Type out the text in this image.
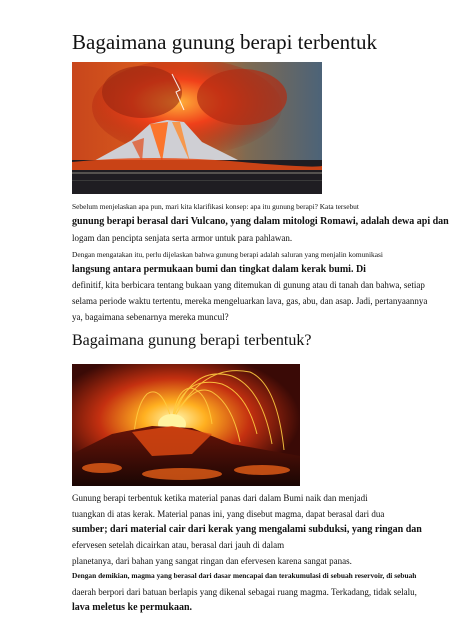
Bagaimana gunung berapi terbentuk
Sebelum menjelaskan apa pun, mari kita klarifikasi konsep: apa itu gunung berapi? Kata tersebut
gunung berapi berasal dari Vulcano, yang dalam mitologi Romawi, adalah dewa api dan
logam dan pencipta senjata serta armor untuk para pahlawan.
Dengan mengatakan itu, perlu dijelaskan bahwa gunung berapi adalah saluran yang menjalin komunikasi
langsung antara permukaan bumi dan tingkat dalam kerak bumi. Di
definitif, kita berbicara tentang bukaan yang ditemukan di gunung atau di tanah dan bahwa, setiap
selama periode waktu tertentu, mereka mengeluarkan lava, gas, abu, dan asap. Jadi, pertanyaannya
ya, bagaimana sebenarnya mereka muncul?
Bagaimana gunung berapi terbentuk?
Gunung berapi terbentuk ketika material panas dari dalam Bumi naik dan menjadi
tuangkan di atas kerak. Material panas ini, yang disebut magma, dapat berasal dari dua
sumber; dari material cair dari kerak yang mengalami subduksi, yang ringan dan
efervesen setelah dicairkan atau, berasal dari jauh di dalam
planetanya, dari bahan yang sangat ringan dan efervesen karena sangat panas.
Dengan demikian, magma yang berasal dari dasar mencapai dan terakumulasi di sebuah reservoir, di sebuah
daerah berpori dari batuan berlapis yang dikenal sebagai ruang magma. Terkadang, tidak selalu,
lava meletus ke permukaan.
